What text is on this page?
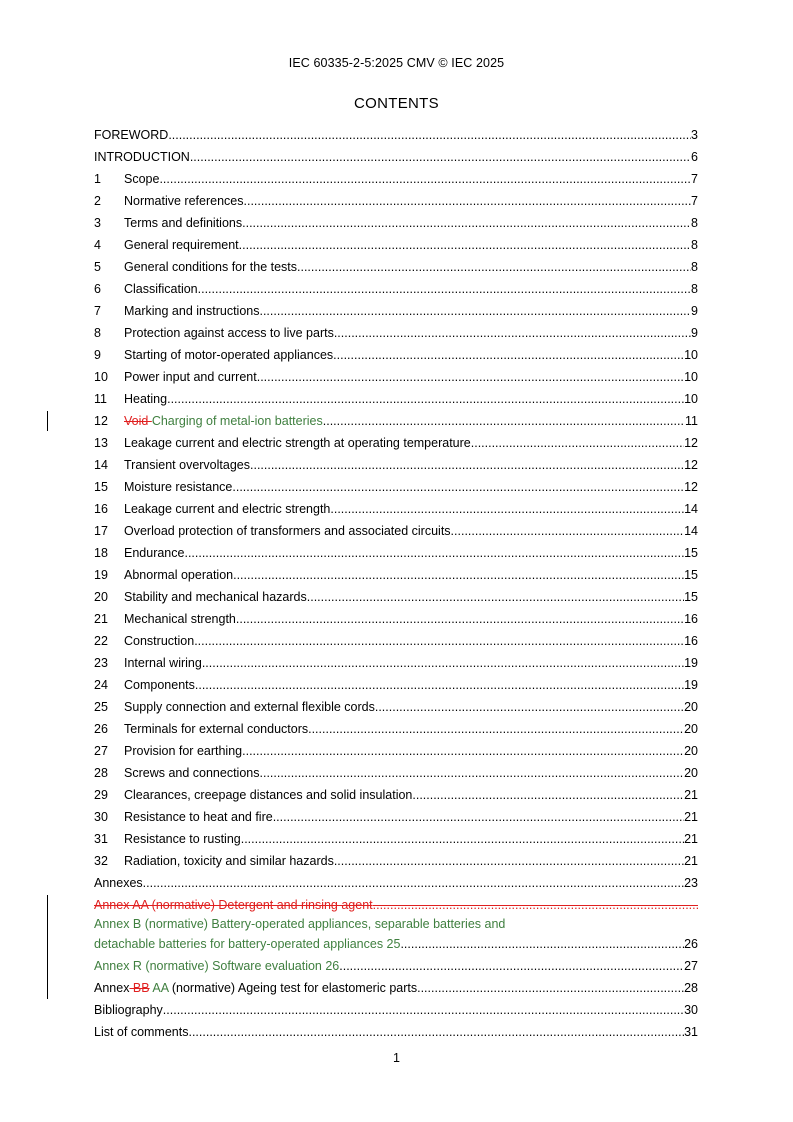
IEC 60335-2-5:2025 CMV © IEC 2025
CONTENTS
FOREWORD .....	3
INTRODUCTION .....	6
1	Scope .....	7
2	Normative references .....	7
3	Terms and definitions .....	8
4	General requirement .....	8
5	General conditions for the tests .....	8
6	Classification .....	8
7	Marking and instructions .....	9
8	Protection against access to live parts .....	9
9	Starting of motor-operated appliances .....	10
10	Power input and current .....	10
11	Heating .....	10
12	Void Charging of metal-ion batteries .....	11
13	Leakage current and electric strength at operating temperature .....	12
14	Transient overvoltages .....	12
15	Moisture resistance .....	12
16	Leakage current and electric strength .....	14
17	Overload protection of transformers and associated circuits .....	14
18	Endurance .....	15
19	Abnormal operation .....	15
20	Stability and mechanical hazards .....	15
21	Mechanical strength .....	16
22	Construction .....	16
23	Internal wiring .....	19
24	Components .....	19
25	Supply connection and external flexible cords .....	20
26	Terminals for external conductors .....	20
27	Provision for earthing .....	20
28	Screws and connections .....	20
29	Clearances, creepage distances and solid insulation .....	21
30	Resistance to heat and fire .....	21
31	Resistance to rusting .....	21
32	Radiation, toxicity and similar hazards .....	21
Annexes .....	23
Annex AA (normative) Detergent and rinsing agent
.....
Annex B (normative) Battery-operated appliances, separable batteries and
detachable batteries for battery-operated appliances 25 .....	26
Annex R (normative) Software evaluation 26 .....	27
Annex BB AA (normative) Ageing test for elastomeric parts .....	28
Bibliography .....	30
List of comments .....	31
1
